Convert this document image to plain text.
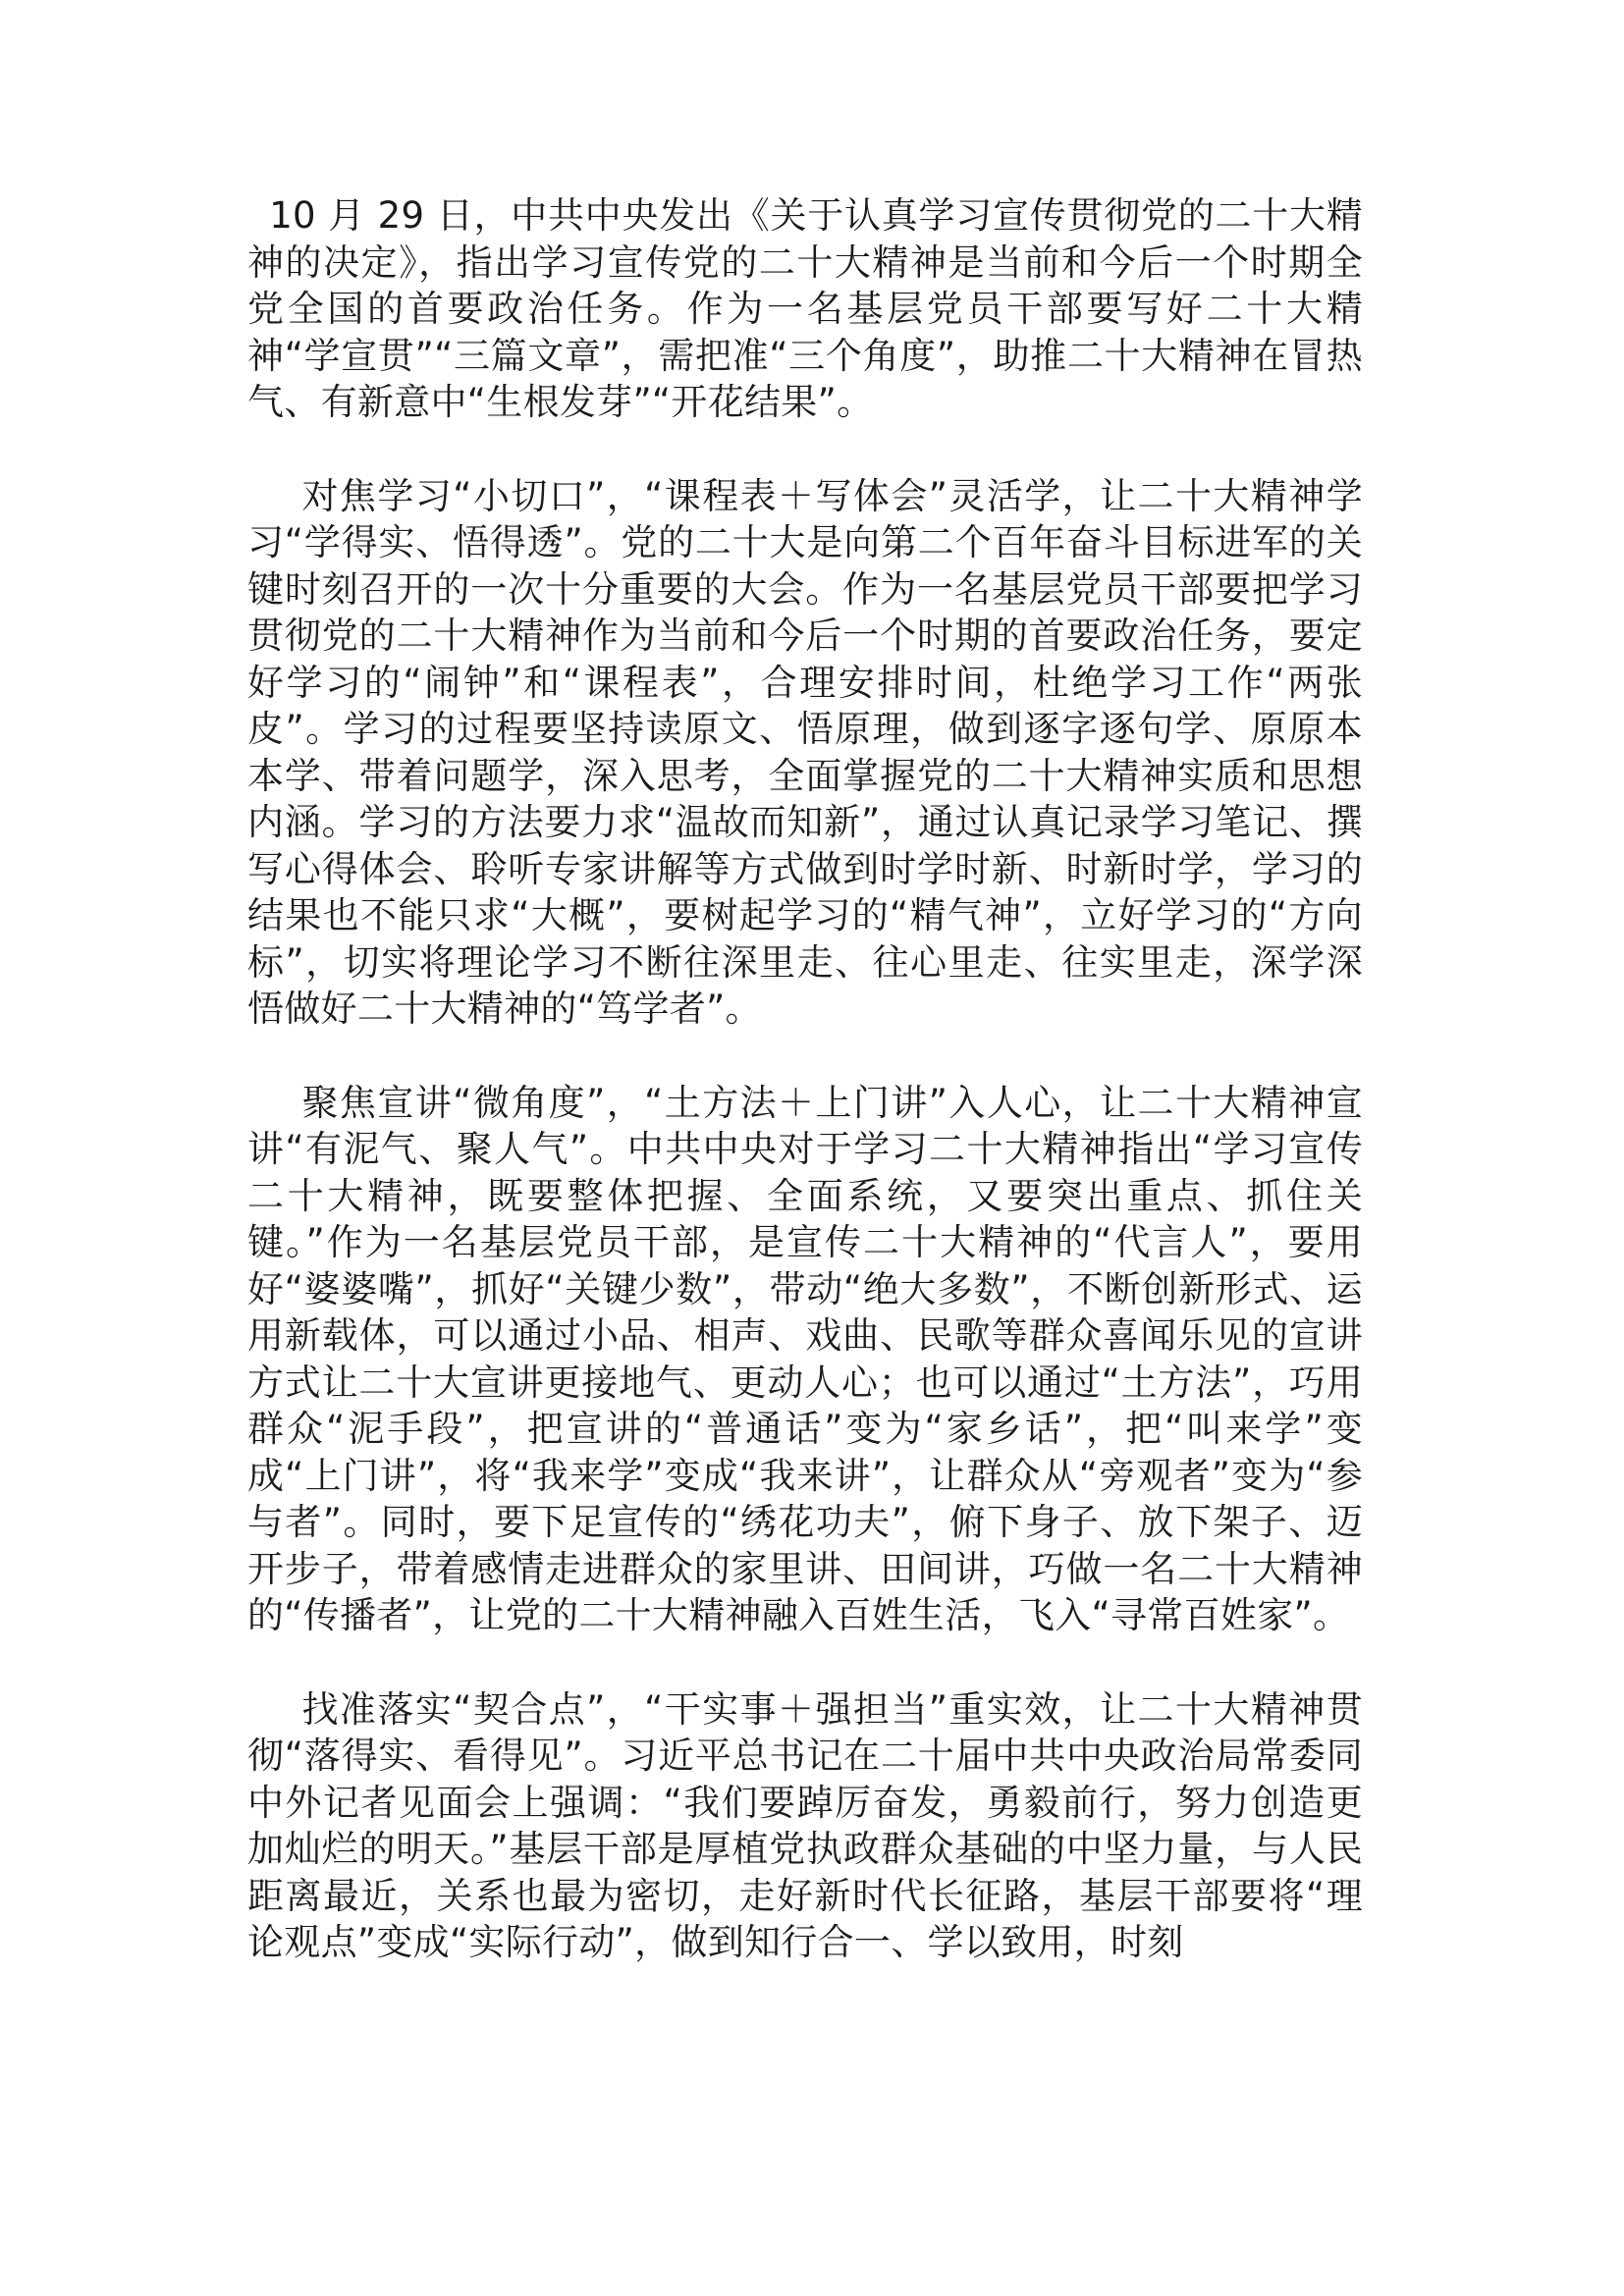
10 月 29 日，中共中央发出《关于认真学习宣传贯彻党的二十大精神的决定》，指出学习宣传党的二十大精神是当前和今后一个时期全党全国的首要政治任务。作为一名基层党员干部要写好二十大精神“学宣贯”“三篇文章”，需把准“三个角度”，助推二十大精神在冒热气、有新意中“生根发芽”“开花结果”。

对焦学习“小切口”，“课程表＋写体会”灵活学，让二十大精神学习“学得实、悟得透”。党的二十大是向第二个百年奋斗目标进军的关键时刻召开的一次十分重要的大会。作为一名基层党员干部要把学习贯彻党的二十大精神作为当前和今后一个时期的首要政治任务，要定好学习的“闹钟”和“课程表”，合理安排时间，杜绝学习工作“两张皮”。学习的过程要坚持读原文、悟原理，做到逐字逐句学、原原本本学、带着问题学，深入思考，全面掌握党的二十大精神实质和思想内涵。学习的方法要力求“温故而知新”，通过认真记录学习笔记、撰写心得体会、聆听专家讲解等方式做到时学时新、时新时学，学习的结果也不能只求“大概”，要树起学习的“精气神”，立好学习的“方向标”，切实将理论学习不断往深里走、往心里走、往实里走，深学深悟做好二十大精神的“笃学者”。

聚焦宣讲“微角度”，“土方法＋上门讲”入人心，让二十大精神宣讲“有泥气、聚人气”。中共中央对于学习二十大精神指出“学习宣传二十大精神，既要整体把握、全面系统，又要突出重点、抓住关键。”作为一名基层党员干部，是宣传二十大精神的“代言人”，要用好“婆婆嘴”，抓好“关键少数”，带动“绝大多数”，不断创新形式、运用新载体，可以通过小品、相声、戏曲、民歌等群众喜闻乐见的宣讲方式让二十大宣讲更接地气、更动人心；也可以通过“土方法”，巧用群众“泥手段”，把宣讲的“普通话”变为“家乡话”，把“叫来学”变成“上门讲”，将“我来学”变成“我来讲”，让群众从“旁观者”变为“参与者”。同时，要下足宣传的“绣花功夫”，俯下身子、放下架子、迈开步子，带着感情走进群众的家里讲、田间讲，巧做一名二十大精神的“传播者”，让党的二十大精神融入百姓生活，飞入“寻常百姓家”。

找准落实“契合点”，“干实事＋强担当”重实效，让二十大精神贯彻“落得实、看得见”。习近平总书记在二十届中共中央政治局常委同中外记者见面会上强调：“我们要踔厉奋发，勇毅前行，努力创造更加灿烂的明天。”基层干部是厚植党执政群众基础的中坚力量，与人民距离最近，关系也最为密切，走好新时代长征路，基层干部要将“理论观点”变成“实际行动”，做到知行合一、学以致用，时刻
